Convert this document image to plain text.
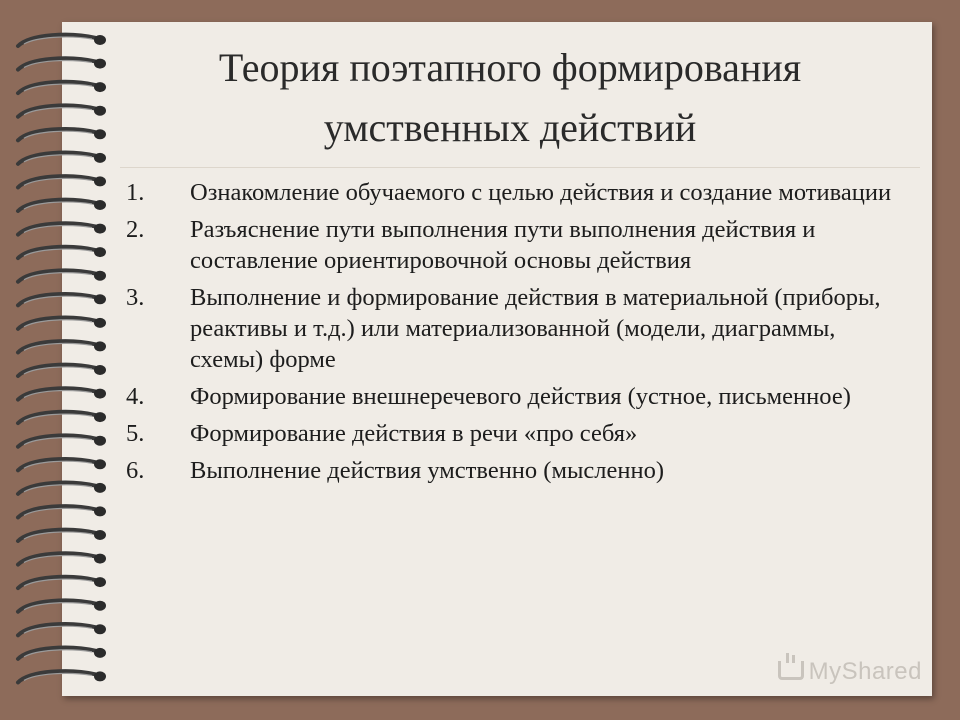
Теория поэтапного формирования
умственных действий
1. Ознакомление обучаемого с целью действия и создание мотивации
2. Разъяснение пути выполнения пути выполнения действия и составление ориентировочной основы действия
3. Выполнение и формирование действия в материальной (приборы, реактивы и т.д.) или материализованной (модели, диаграммы, схемы) форме
4. Формирование внешнеречевого действия (устное, письменное)
5. Формирование действия в речи «про себя»
6. Выполнение действия умственно (мысленно)
MyShared
